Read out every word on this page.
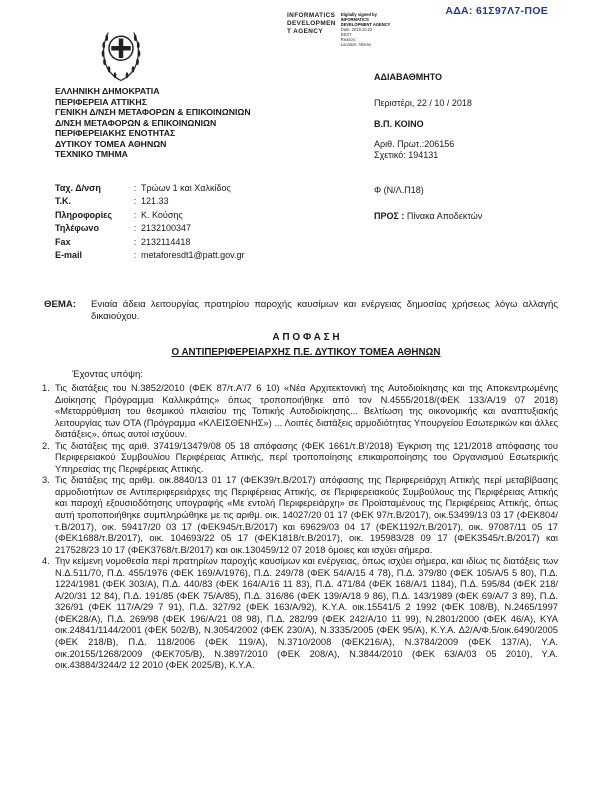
ΑΔΑ: 61Σ97Λ7-ΠΟΕ
INFORMATICS
DEVELOPMEN
T AGENCY
Digitally signed by
INFORMATICS
DEVELOPMENT AGENCY
Date: 2018.10.22
EEST
Reason:
Location: Athens
ΕΛΛΗΝΙΚΗ ΔΗΜΟΚΡΑΤΙΑ
ΠΕΡΙΦΕΡΕΙΑ ΑΤΤΙΚΗΣ
ΓΕΝΙΚΗ Δ/ΝΣΗ ΜΕΤΑΦΟΡΩΝ & ΕΠΙΚΟΙΝΩΝΙΩΝ
Δ/ΝΣΗ ΜΕΤΑΦΟΡΩΝ & ΕΠΙΚΟΙΝΩΝΙΩΝ
ΠΕΡΙΦΕΡΕΙΑΚΗΣ ΕΝΟΤΗΤΑΣ
ΔΥΤΙΚΟΥ ΤΟΜΕΑ ΑΘΗΝΩΝ
ΤΕΧΝΙΚΟ ΤΜΗΜΑ
ΑΔΙΑΒΑΘΜΗΤΟ
Περιστέρι, 22 / 10 / 2018
Β.Π. ΚΟΙΝΟ
Αριθ. Πρωτ.:206156
Σχετικό: 194131
Ταχ. Δ/νση	: Τρώων 1 και Χαλκίδος
Τ.Κ.	: 121.33
Πληροφορίες	: Κ. Κούσης
Τηλέφωνο	: 2132100347
Fax	: 2132114418
E-mail	: metaforesdt1@patt.gov.gr
Φ (Ν/Λ.Π18)
ΠΡΟΣ : Πίνακα Αποδεκτών
ΘΕΜΑ: Ενιαία άδεια λειτουργίας πρατηρίου παροχής καυσίμων και ενέργειας δημοσίας χρήσεως λόγω αλλαγής δικαιούχου.
Α Π Ο Φ Α Σ Η
Ο ΑΝΤΙΠΕΡΙΦΕΡΕΙΑΡΧΗΣ Π.Ε. ΔΥΤΙΚΟΥ ΤΟΜΕΑ ΑΘΗΝΩΝ
Έχοντας υπόψη:
1. Τις διατάξεις του Ν.3852/2010 (ΦΕΚ 87/τ.Α'/7 6 10) «Νέα Αρχιτεκτονική της Αυτοδιοίκησης και της Αποκεντρωμένης Διοίκησης Πρόγραμμα Καλλικράτης» όπως τροποποιήθηκε από τον Ν.4555/2018/(ΦΕΚ 133/Α/19 07 2018) «Μεταρρύθμιση του θεσμικού πλαισίου της Τοπικής Αυτοδιοίκησης... Βελτίωση της οικονομικής και αναπτυξιακής λειτουργίας των ΟΤΑ (Πρόγραμμα «ΚΛΕΙΣΘΕΝΗΣ») ... Λοιπές διατάξεις αρμοδιότητας Υπουργείου Εσωτερικών και άλλες διατάξεις», όπως αυτοί ισχύουν.
2. Τις διατάξεις της αριθ. 37419/13479/08 05 18 απόφασης (ΦΕΚ 1661/τ.Β'/2018) Έγκριση της 121/2018 απόφασης του Περιφερειακού Συμβουλίου Περιφέρειας Αττικής, περί τροποποίησης επικαιροποίησης του Οργανισμού Εσωτερικής Υπηρεσίας της Περιφέρειας Αττικής.
3. Τις διατάξεις της αριθμ. οικ.8840/13 01 17 (ΦΕΚ39/τ.Β/2017) απόφασης της Περιφερειάρχη Αττικής περί μεταβίβασης αρμοδιοτήτων σε Αντιπεριφερειάρχες της Περιφέρειας Αττικής, σε Περιφερειακούς Συμβούλους της Περιφέρειας Αττικής και παροχή εξουσιοδότησης υπογραφής «Με εντολή Περιφερειάρχη» σε Προϊσταμένους της Περιφέρειας Αττικής, όπως αυτή τροποποιήθηκε συμπληρώθηκε με τις αριθμ. οικ. 14027/20 01 17 (ΦΕΚ 97/τ.Β/2017), οικ.53499/13 03 17 (ΦΕΚ804/τ.Β/2017), οικ. 59417/20 03 17 (ΦΕΚ945/τ.Β/2017) και 69629/03 04 17 (ΦΕΚ1192/τ.Β/2017), οικ. 97087/11 05 17 (ΦΕΚ1688/τ.Β/2017), οικ. 104693/22 05 17 (ΦΕΚ1818/τ.Β/2017), οικ. 195983/28 09 17 (ΦΕΚ3545/τ.Β/2017) και 217528/23 10 17 (ΦΕΚ3768/τ.Β/2017) και οικ.130459/12 07 2018 όμοιες και ισχύει σήμερα.
4. Την κείμενη νομοθεσία περί πρατηρίων παροχής καυσίμων και ενέργειας, όπως ισχύει σήμερα, και ιδίως τις διατάξεις των Ν.Δ.511/70, Π.Δ. 455/1976 (ΦΕΚ 169/Α/1976), Π.Δ. 249/78 (ΦΕΚ 54/Α/15 4 78), Π.Δ. 379/80 (ΦΕΚ 105/Α/5 5 80), Π.Δ. 1224/1981 (ΦΕΚ 303/Α), Π.Δ. 440/83 (ΦΕΚ 164/Α/16 11 83), Π.Δ. 471/84 (ΦΕΚ 168/Α/1 1184), Π.Δ. 595/84 (ΦΕΚ 218/Α/20/31 12 84), Π.Δ. 191/85 (ΦΕΚ 75/Α/85), Π.Δ. 316/86 (ΦΕΚ 139/Α/18 9 86), Π.Δ. 143/1989 (ΦΕΚ 69/Α/7 3 89), Π.Δ. 326/91 (ΦΕΚ 117/Α/29 7 91), Π.Δ. 327/92 (ΦΕΚ 163/Α/92), Κ.Υ.Α. οικ.15541/5 2 1992 (ΦΕΚ 108/Β), Ν.2465/1997 (ΦΕΚ28/Α), Π.Δ. 269/98 (ΦΕΚ 196/Α/21 08 98), Π.Δ. 282/99 (ΦΕΚ 242/Α/10 11 99), Ν.2801/2000 (ΦΕΚ 46/Α), ΚΥΑ οικ.24841/1144/2001 (ΦΕΚ 502/Β), Ν.3054/2002 (ΦΕΚ 230/Α), Ν.3335/2005 (ΦΕΚ 95/Α), Κ.Υ.Α. Δ2/Α/Φ.5/οικ.6490/2005 (ΦΕΚ 218/Β), Π.Δ. 118/2006 (ΦΕΚ 119/Α), Ν.3710/2008 (ΦΕΚ216/Α), Ν.3784/2009 (ΦΕΚ 137/Α), Υ.Α. οικ.20155/1268/2009 (ΦΕΚ705/Β), Ν.3897/2010 (ΦΕΚ 208/Α), Ν.3844/2010 (ΦΕΚ 63/Α/03 05 2010), Υ.Α. οικ.43884/3244/2 12 2010 (ΦΕΚ 2025/Β), Κ.Υ.Α.
